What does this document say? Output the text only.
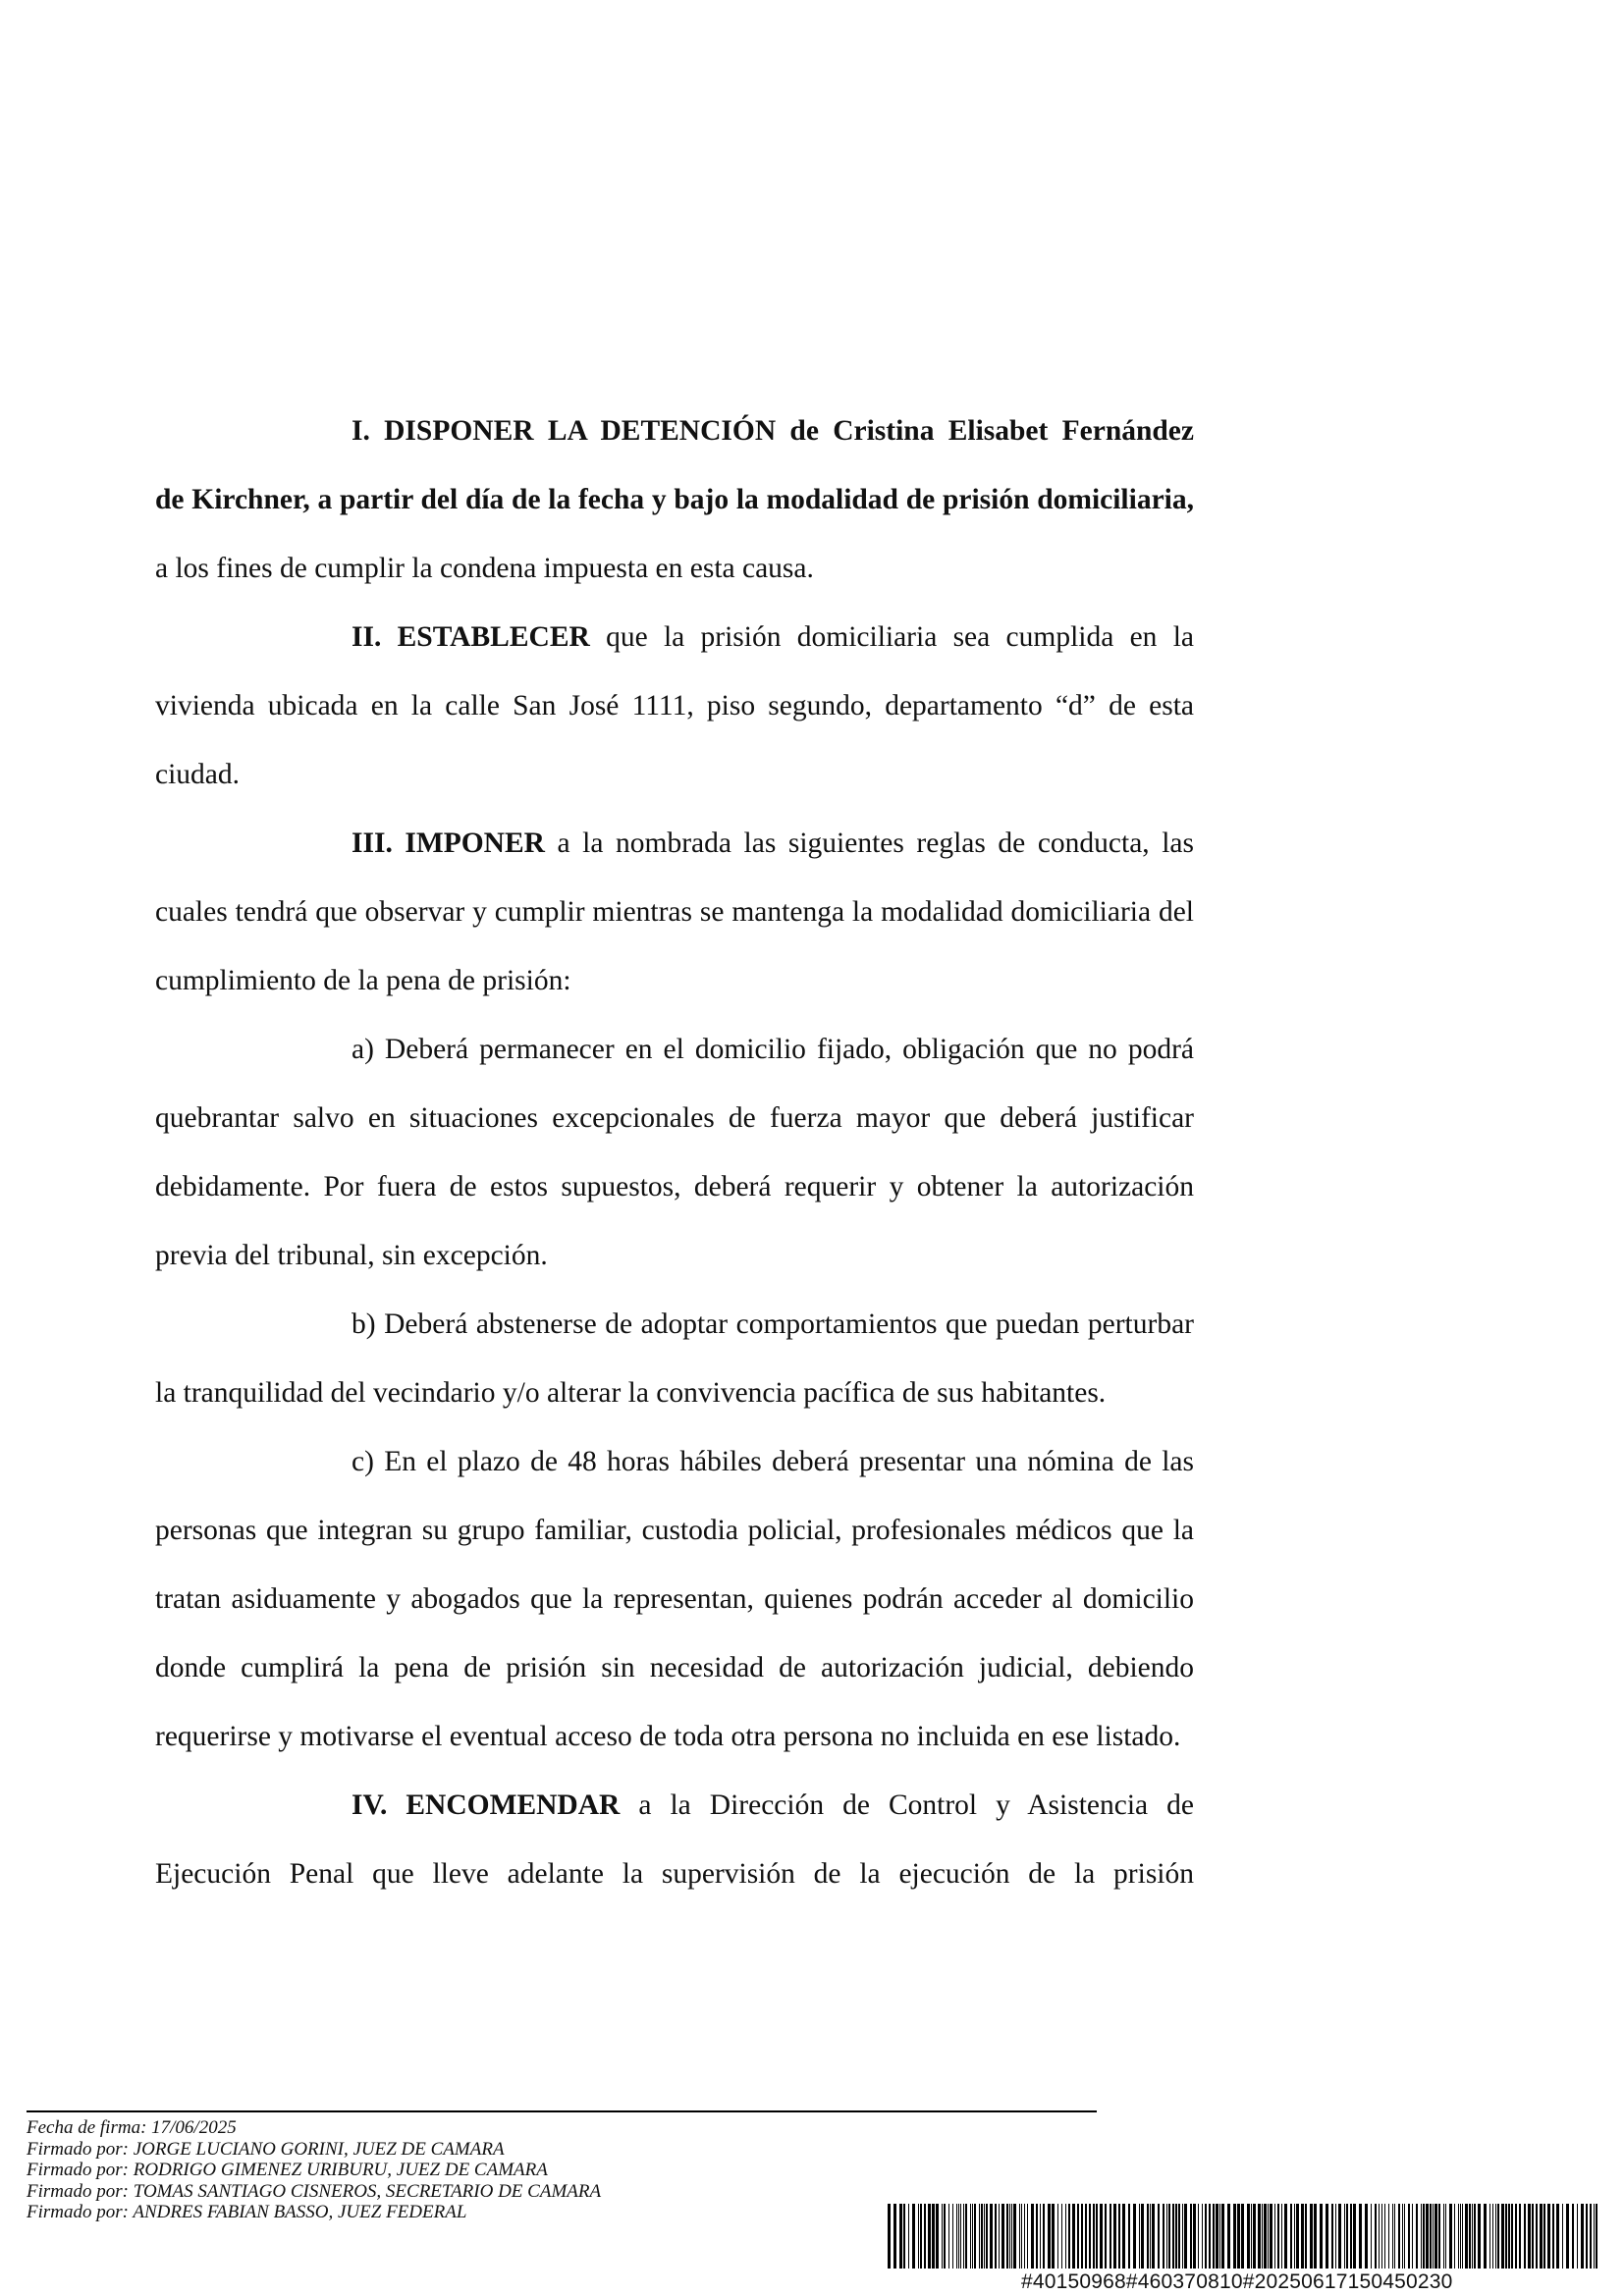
I. DISPONER LA DETENCIÓN de Cristina Elisabet Fernández

de Kirchner, a partir del día de la fecha y bajo la modalidad de prisión domiciliaria, a los fines de cumplir la condena impuesta en esta causa.

II. ESTABLECER que la prisión domiciliaria sea cumplida en la vivienda ubicada en la calle San José 1111, piso segundo, departamento “d” de esta ciudad.

III. IMPONER a la nombrada las siguientes reglas de conducta, las cuales tendrá que observar y cumplir mientras se mantenga la modalidad domiciliaria del cumplimiento de la pena de prisión:

a) Deberá permanecer en el domicilio fijado, obligación que no podrá quebrantar salvo en situaciones excepcionales de fuerza mayor que deberá justificar debidamente. Por fuera de estos supuestos, deberá requerir y obtener la autorización previa del tribunal, sin excepción.

b) Deberá abstenerse de adoptar comportamientos que puedan perturbar la tranquilidad del vecindario y/o alterar la convivencia pacífica de sus habitantes.

c) En el plazo de 48 horas hábiles deberá presentar una nómina de las personas que integran su grupo familiar, custodia policial, profesionales médicos que la tratan asiduamente y abogados que la representan, quienes podrán acceder al domicilio donde cumplirá la pena de prisión sin necesidad de autorización judicial, debiendo requerirse y motivarse el eventual acceso de toda otra persona no incluida en ese listado.

IV. ENCOMENDAR a la Dirección de Control y Asistencia de Ejecución Penal que lleve adelante la supervisión de la ejecución de la prisión

Fecha de firma: 17/06/2025
Firmado por: JORGE LUCIANO GORINI, JUEZ DE CAMARA
Firmado por: RODRIGO GIMENEZ URIBURU, JUEZ DE CAMARA
Firmado por: TOMAS SANTIAGO CISNEROS, SECRETARIO DE CAMARA
Firmado por: ANDRES FABIAN BASSO, JUEZ FEDERAL
#40150968#460370810#20250617150450230
